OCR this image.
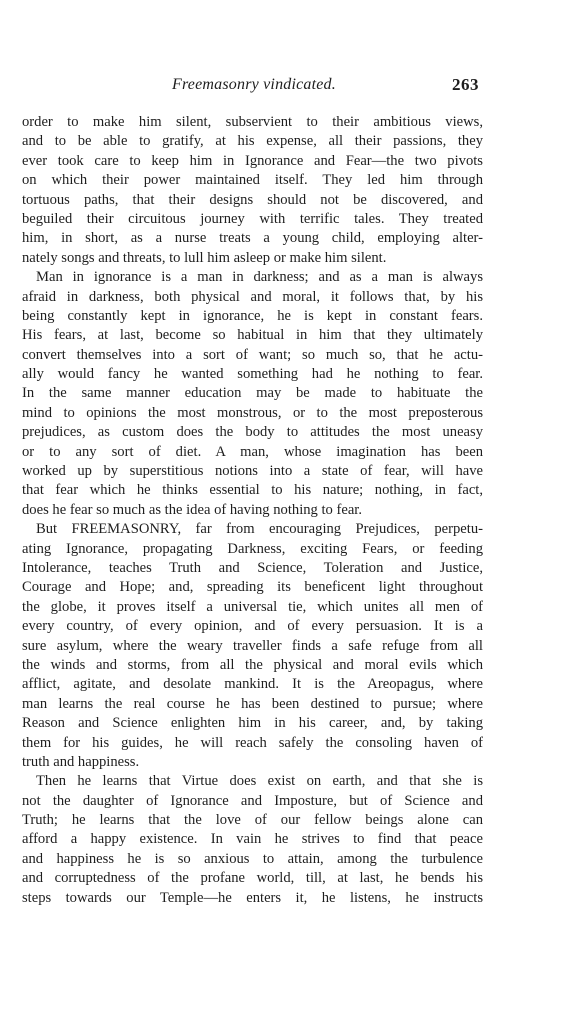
Freemasonry vindicated.	263
order to make him silent, subservient to their ambitious views,
and to be able to gratify, at his expense, all their passions, they
ever took care to keep him in Ignorance and Fear—the two pivots
on which their power maintained itself. They led him through
tortuous paths, that their designs should not be discovered, and
beguiled their circuitous journey with terrific tales. They treated
him, in short, as a nurse treats a young child, employing alter-
nately songs and threats, to lull him asleep or make him silent.
Man in ignorance is a man in darkness; and as a man is always
afraid in darkness, both physical and moral, it follows that, by his
being constantly kept in ignorance, he is kept in constant fears.
His fears, at last, become so habitual in him that they ultimately
convert themselves into a sort of want; so much so, that he actu-
ally would fancy he wanted something had he nothing to fear.
In the same manner education may be made to habituate the
mind to opinions the most monstrous, or to the most preposterous
prejudices, as custom does the body to attitudes the most uneasy
or to any sort of diet. A man, whose imagination has been
worked up by superstitious notions into a state of fear, will have
that fear which he thinks essential to his nature; nothing, in fact,
does he fear so much as the idea of having nothing to fear.
But FREEMASONRY, far from encouraging Prejudices, perpetu-
ating Ignorance, propagating Darkness, exciting Fears, or feeding
Intolerance, teaches Truth and Science, Toleration and Justice,
Courage and Hope; and, spreading its beneficent light throughout
the globe, it proves itself a universal tie, which unites all men of
every country, of every opinion, and of every persuasion. It is a
sure asylum, where the weary traveller finds a safe refuge from all
the winds and storms, from all the physical and moral evils which
afflict, agitate, and desolate mankind. It is the Areopagus, where
man learns the real course he has been destined to pursue; where
Reason and Science enlighten him in his career, and, by taking
them for his guides, he will reach safely the consoling haven of
truth and happiness.
Then he learns that Virtue does exist on earth, and that she is
not the daughter of Ignorance and Imposture, but of Science and
Truth; he learns that the love of our fellow beings alone can
afford a happy existence. In vain he strives to find that peace
and happiness he is so anxious to attain, among the turbulence
and corruptedness of the profane world, till, at last, he bends his
steps towards our Temple—he enters it, he listens, he instructs
